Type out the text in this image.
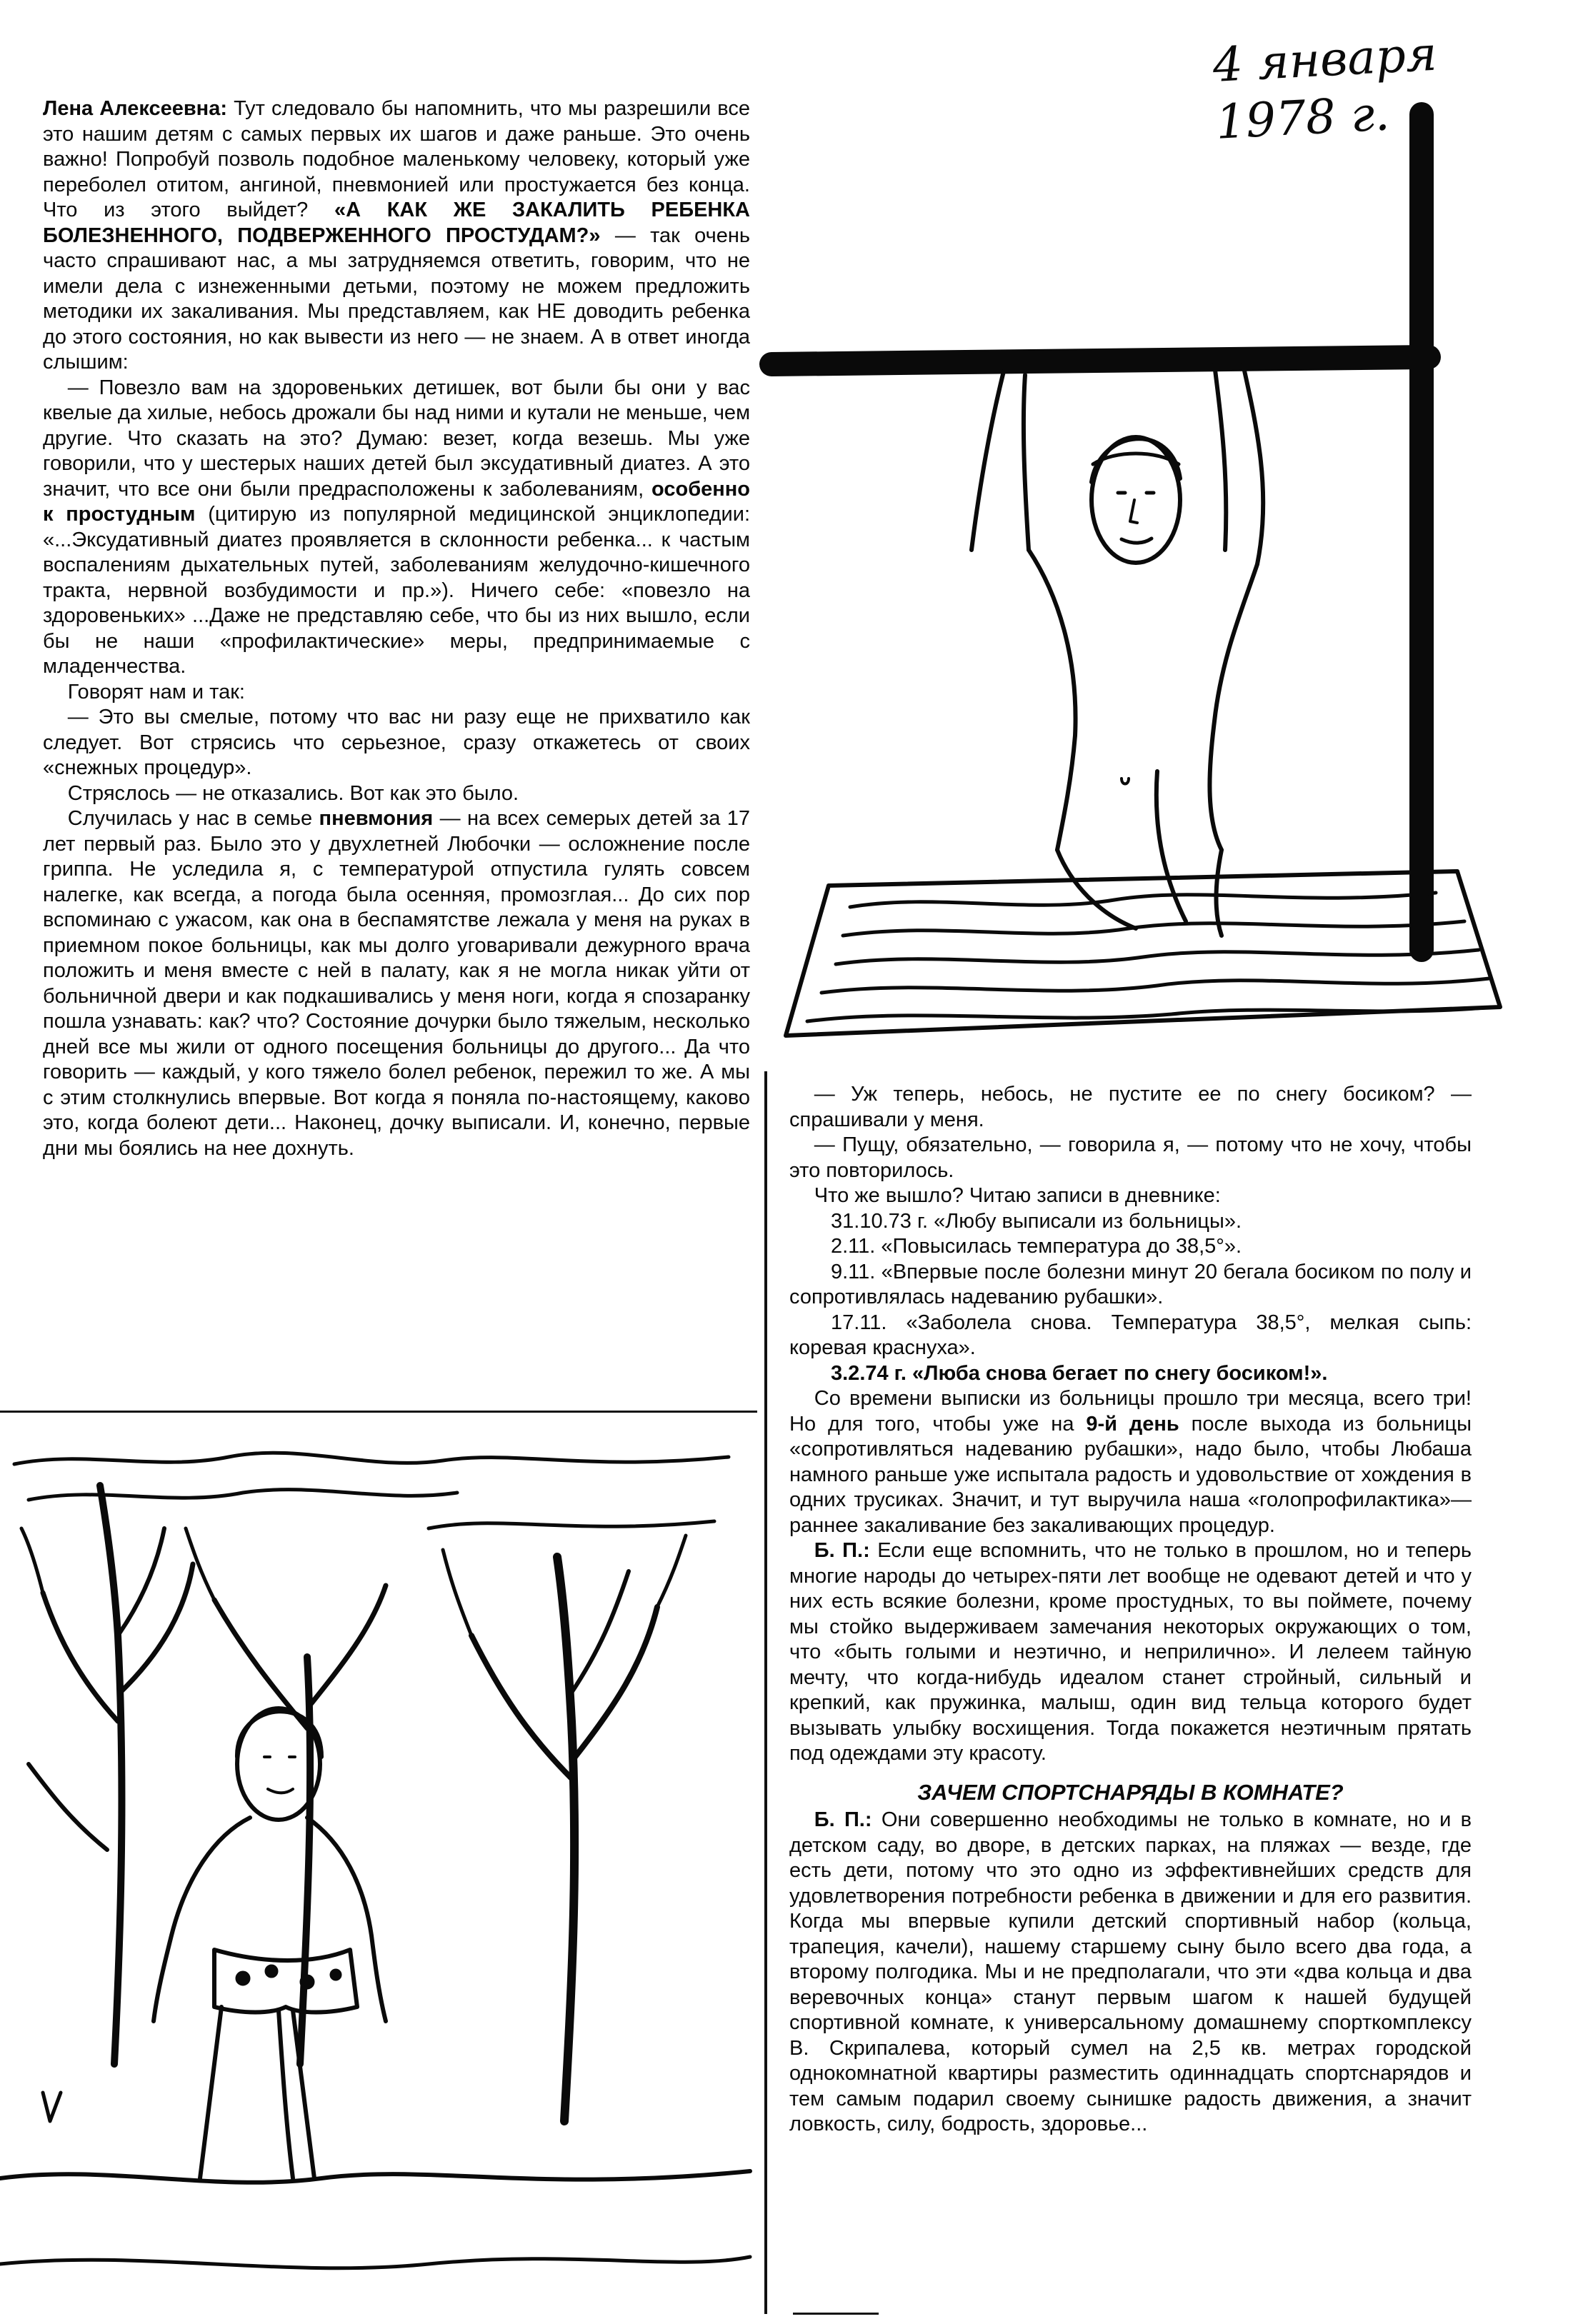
4 января 1978 г.

Лена Алексеевна: Тут следовало бы напомнить, что мы разрешили все это нашим детям с самых первых их шагов и даже раньше. Это очень важно! Попробуй позволь подобное маленькому человеку, который уже переболел отитом, ангиной, пневмонией или простужается без конца. Что из этого выйдет? «А КАК ЖЕ ЗАКАЛИТЬ РЕБЕНКА БОЛЕЗНЕННОГО, ПОДВЕРЖЕННОГО ПРОСТУДАМ?» — так очень часто спрашивают нас, а мы затрудняемся ответить, говорим, что не имели дела с изнеженными детьми, поэтому не можем предложить методики их закаливания. Мы представляем, как НЕ доводить ребенка до этого состояния, но как вывести из него — не знаем. А в ответ иногда слышим:

— Повезло вам на здоровеньких детишек, вот были бы они у вас квелые да хилые, небось дрожали бы над ними и кутали не меньше, чем другие. Что сказать на это? Думаю: везет, когда везешь. Мы уже говорили, что у шестерых наших детей был эксудативный диатез. А это значит, что все они были предрасположены к заболеваниям, особенно к простудным (цитирую из популярной медицинской энциклопедии: «...Эксудативный диатез проявляется в склонности ребенка... к частым воспалениям дыхательных путей, заболеваниям желудочно-кишечного тракта, нервной возбудимости и пр.»). Ничего себе: «повезло на здоровеньких» ...Даже не представляю себе, что бы из них вышло, если бы не наши «профилактические» меры, предпринимаемые с младенчества.

Говорят нам и так:

— Это вы смелые, потому что вас ни разу еще не прихватило как следует. Вот стрясись что серьезное, сразу откажетесь от своих «снежных процедур».

Стряслось — не отказались. Вот как это было.

Случилась у нас в семье пневмония — на всех семерых детей за 17 лет первый раз. Было это у двухлетней Любочки — осложнение после гриппа. Не уследила я, с температурой отпустила гулять совсем налегке, как всегда, а погода была осенняя, промозглая... До сих пор вспоминаю с ужасом, как она в беспамятстве лежала у меня на руках в приемном покое больницы, как мы долго уговаривали дежурного врача положить и меня вместе с ней в палату, как я не могла никак уйти от больничной двери и как подкашивались у меня ноги, когда я спозаранку пошла узнавать: как? что? Состояние дочурки было тяжелым, несколько дней все мы жили от одного посещения больницы до другого... Да что говорить — каждый, у кого тяжело болел ребенок, пережил то же. А мы с этим столкнулись впервые. Вот когда я поняла по-настоящему, каково это, когда болеют дети... Наконец, дочку выписали. И, конечно, первые дни мы боялись на нее дохнуть.

— Уж теперь, небось, не пустите ее по снегу босиком? — спрашивали у меня.

— Пущу, обязательно, — говорила я, — потому что не хочу, чтобы это повторилось.

Что же вышло? Читаю записи в дневнике:

31.10.73 г. «Любу выписали из больницы».

2.11. «Повысилась температура до 38,5°».

9.11. «Впервые после болезни минут 20 бегала босиком по полу и сопротивлялась надеванию рубашки».

17.11. «Заболела снова. Температура 38,5°, мелкая сыпь: коревая краснуха».

3.2.74 г. «Люба снова бегает по снегу босиком!».

Со времени выписки из больницы прошло три месяца, всего три! Но для того, чтобы уже на 9-й день после выхода из больницы «сопротивляться надеванию рубашки», надо было, чтобы Любаша намного раньше уже испытала радость и удовольствие от хождения в одних трусиках. Значит, и тут выручила наша «голопрофилактика»—раннее закаливание без закаливающих процедур.

Б. П.: Если еще вспомнить, что не только в прошлом, но и теперь многие народы до четырех-пяти лет вообще не одевают детей и что у них есть всякие болезни, кроме простудных, то вы поймете, почему мы стойко выдерживаем замечания некоторых окружающих о том, что «быть голыми и неэтично, и неприлично». И лелеем тайную мечту, что когда-нибудь идеалом станет стройный, сильный и крепкий, как пружинка, малыш, один вид тельца которого будет вызывать улыбку восхищения. Тогда покажется неэтичным прятать под одеждами эту красоту.

ЗАЧЕМ СПОРТСНАРЯДЫ В КОМНАТЕ?

Б. П.: Они совершенно необходимы не только в комнате, но и в детском саду, во дворе, в детских парках, на пляжах — везде, где есть дети, потому что это одно из эффективнейших средств для удовлетворения потребности ребенка в движении и для его развития. Когда мы впервые купили детский спортивный набор (кольца, трапеция, качели), нашему старшему сыну было всего два года, а второму полгодика. Мы и не предполагали, что эти «два кольца и два веревочных конца» станут первым шагом к нашей будущей спортивной комнате, к универсальному домашнему спорткомплексу В. Скрипалева, который сумел на 2,5 кв. метрах городской однокомнатной квартиры разместить одиннадцать спортснарядов и тем самым подарил своему сынишке радость движения, а значит ловкость, силу, бодрость, здоровье...
